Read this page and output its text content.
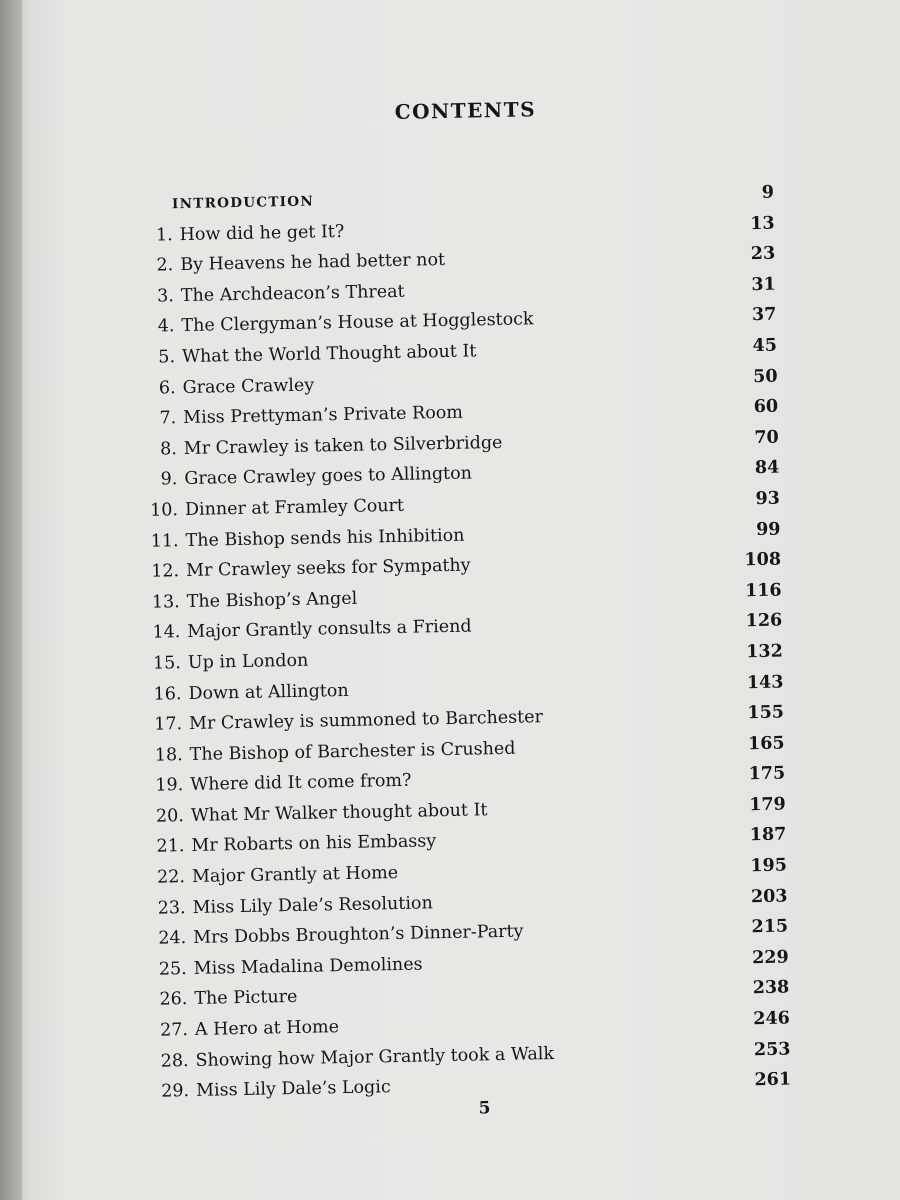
CONTENTS
INTRODUCTION	9
1. How did he get It?	13
2. By Heavens he had better not	23
3. The Archdeacon’s Threat	31
4. The Clergyman’s House at Hogglestock	37
5. What the World Thought about It	45
6. Grace Crawley	50
7. Miss Prettyman’s Private Room	60
8. Mr Crawley is taken to Silverbridge	70
9. Grace Crawley goes to Allington	84
10. Dinner at Framley Court	93
11. The Bishop sends his Inhibition	99
12. Mr Crawley seeks for Sympathy	108
13. The Bishop’s Angel	116
14. Major Grantly consults a Friend	126
15. Up in London	132
16. Down at Allington	143
17. Mr Crawley is summoned to Barchester	155
18. The Bishop of Barchester is Crushed	165
19. Where did It come from?	175
20. What Mr Walker thought about It	179
21. Mr Robarts on his Embassy	187
22. Major Grantly at Home	195
23. Miss Lily Dale’s Resolution	203
24. Mrs Dobbs Broughton’s Dinner-Party	215
25. Miss Madalina Demolines	229
26. The Picture	238
27. A Hero at Home	246
28. Showing how Major Grantly took a Walk	253
29. Miss Lily Dale’s Logic	261
5
